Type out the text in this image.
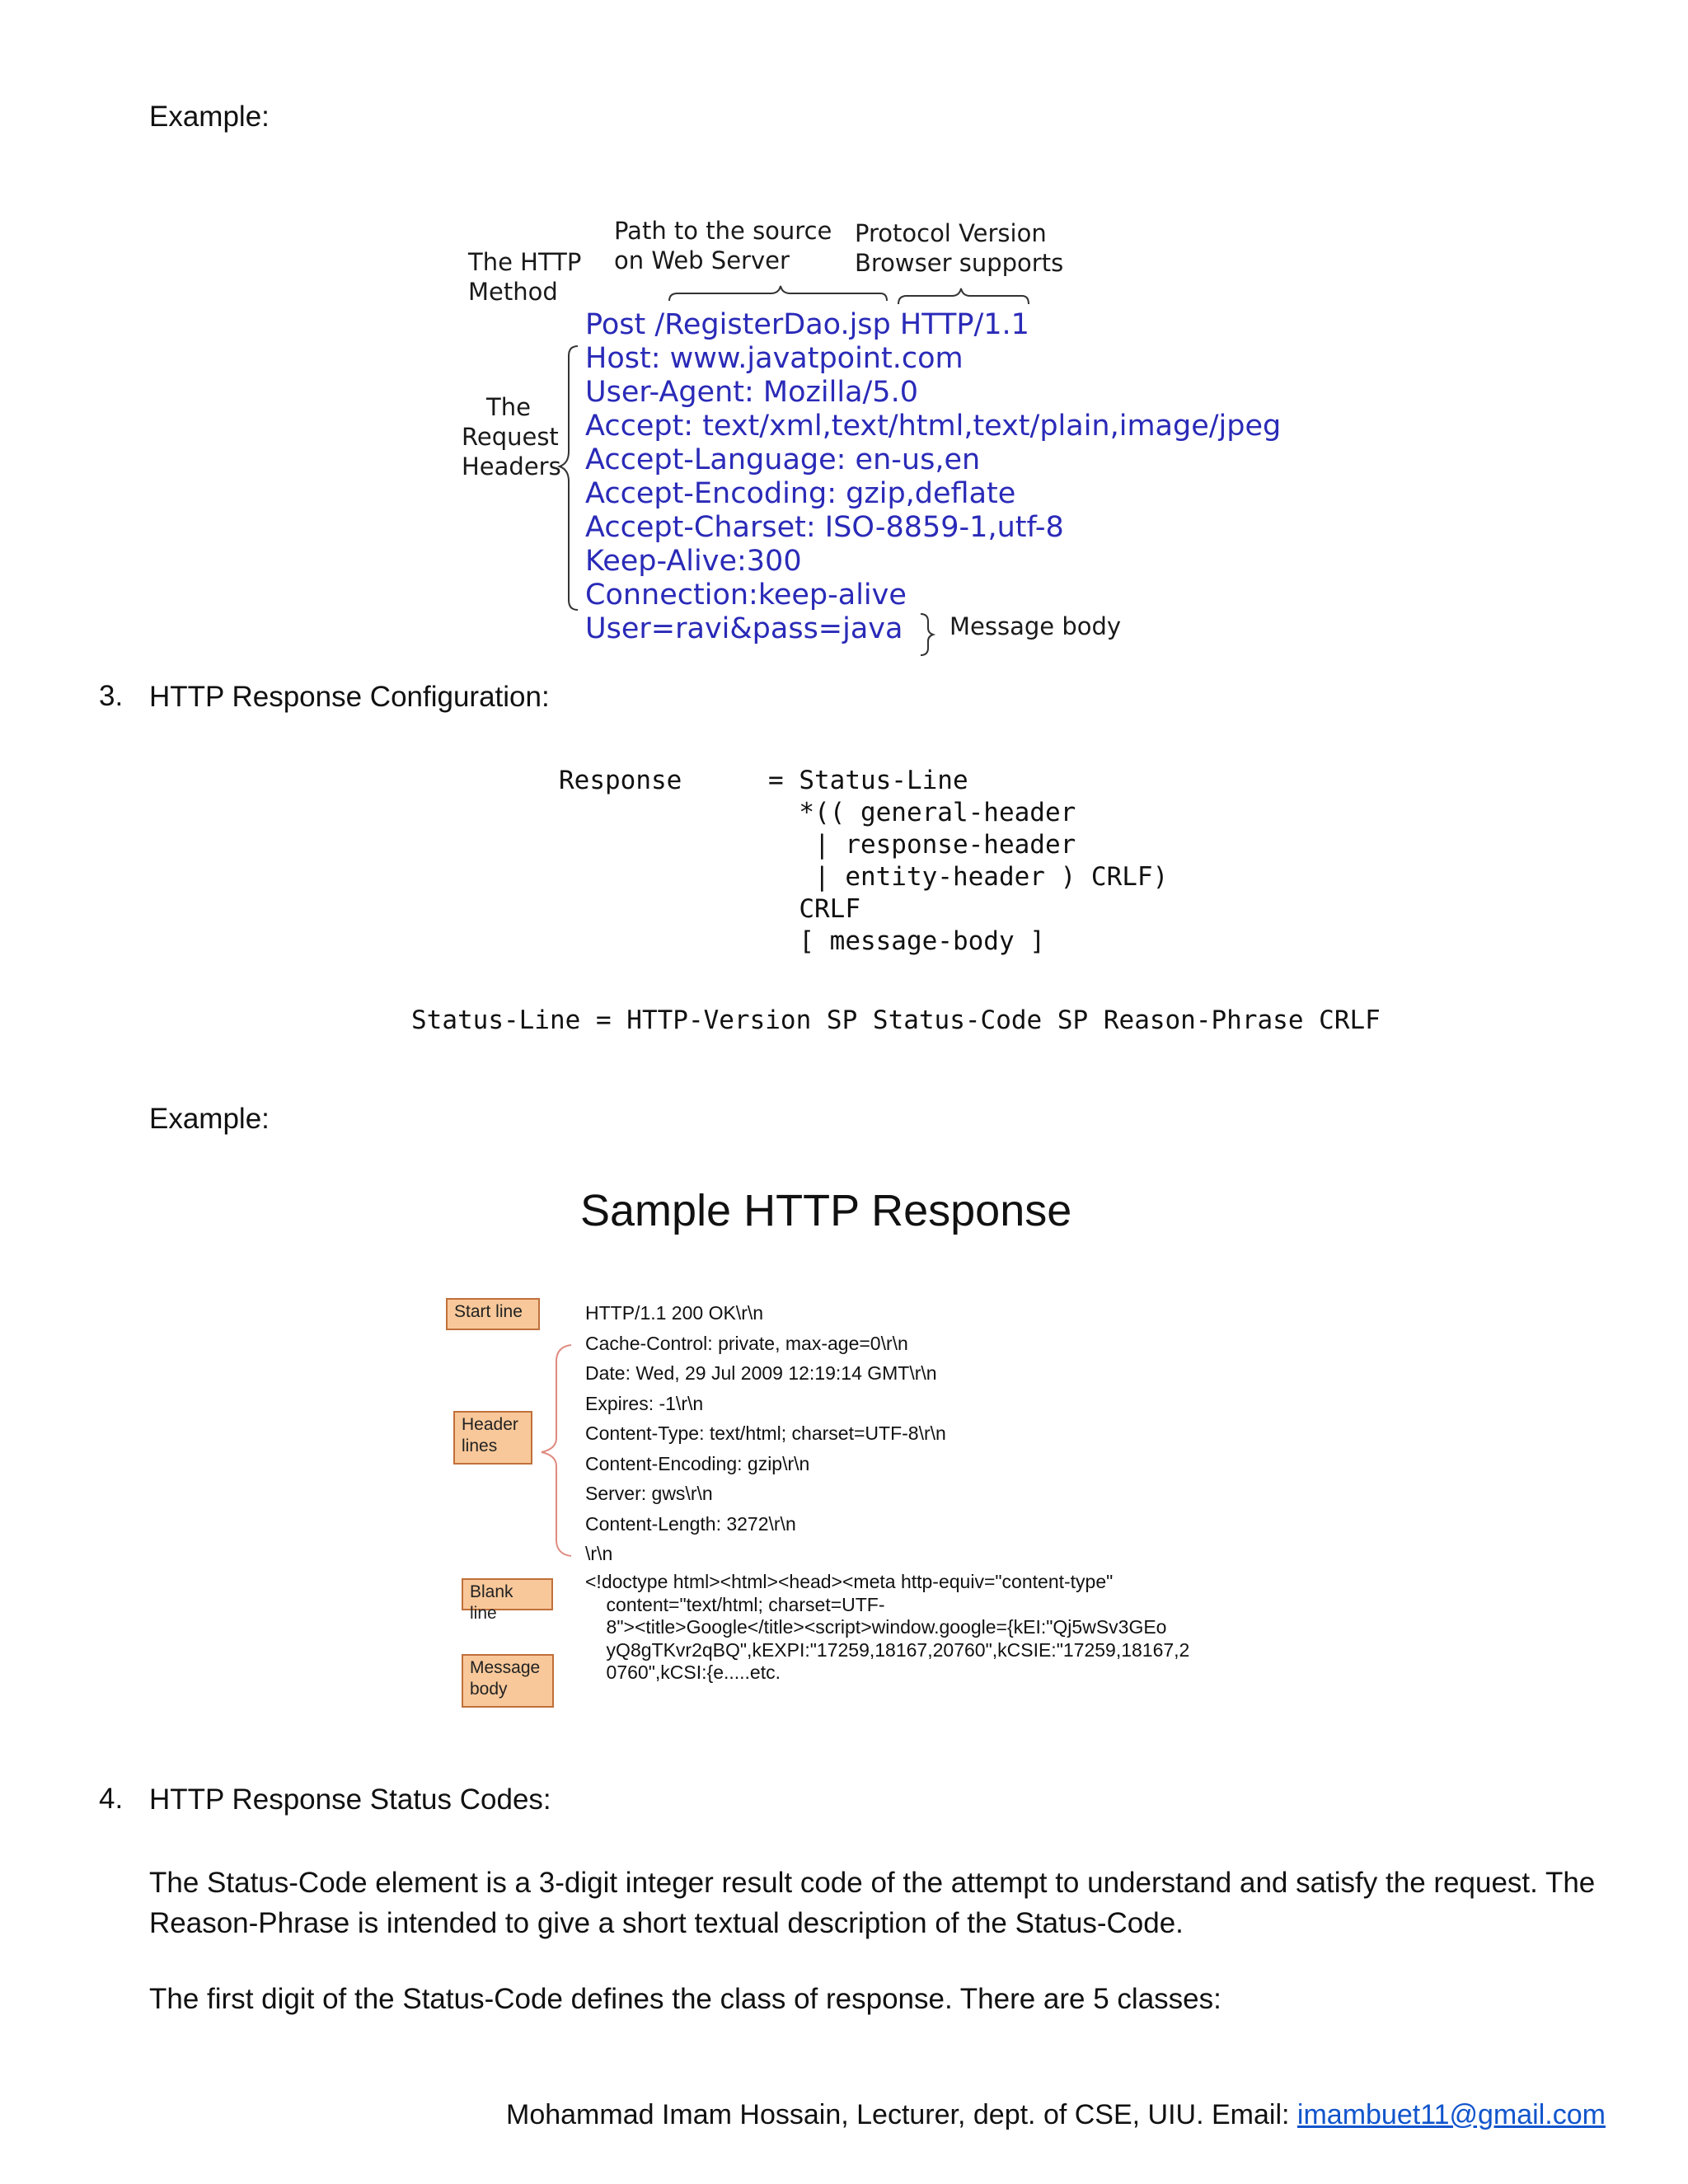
Example:
The HTTP
Method
Path to the source
on Web Server
Protocol Version
Browser supports
The
Request
Headers
Post /RegisterDao.jsp HTTP/1.1
Host: www.javatpoint.com
User-Agent: Mozilla/5.0
Accept: text/xml,text/html,text/plain,image/jpeg
Accept-Language: en-us,en
Accept-Encoding: gzip,deflate
Accept-Charset: ISO-8859-1,utf-8
Keep-Alive:300
Connection:keep-alive
User=ravi&pass=java	Message body
3. HTTP Response Configuration:
Response	= Status-Line
*(( general-header
| response-header
| entity-header ) CRLF)
CRLF
[ message-body ]
Status-Line = HTTP-Version SP Status-Code SP Reason-Phrase CRLF
Example:
Sample HTTP Response
Start line
Header
lines
Blank line
Message
body
HTTP/1.1 200 OK\r\n
Cache-Control: private, max-age=0\r\n
Date: Wed, 29 Jul 2009 12:19:14 GMT\r\n
Expires: -1\r\n
Content-Type: text/html; charset=UTF-8\r\n
Content-Encoding: gzip\r\n
Server: gws\r\n
Content-Length: 3272\r\n
\r\n
<!doctype html><html><head><meta http-equiv="content-type"
content="text/html; charset=UTF-
8"><title>Google</title><script>window.google={kEI:"Qj5wSv3GEo
yQ8gTKvr2qBQ",kEXPI:"17259,18167,20760",kCSIE:"17259,18167,2
0760",kCSI:{e.....etc.
4. HTTP Response Status Codes:
The Status-Code element is a 3-digit integer result code of the attempt to understand and satisfy the request. The
Reason-Phrase is intended to give a short textual description of the Status-Code.
The first digit of the Status-Code defines the class of response. There are 5 classes:
Mohammad Imam Hossain, Lecturer, dept. of CSE, UIU. Email: imambuet11@gmail.com
